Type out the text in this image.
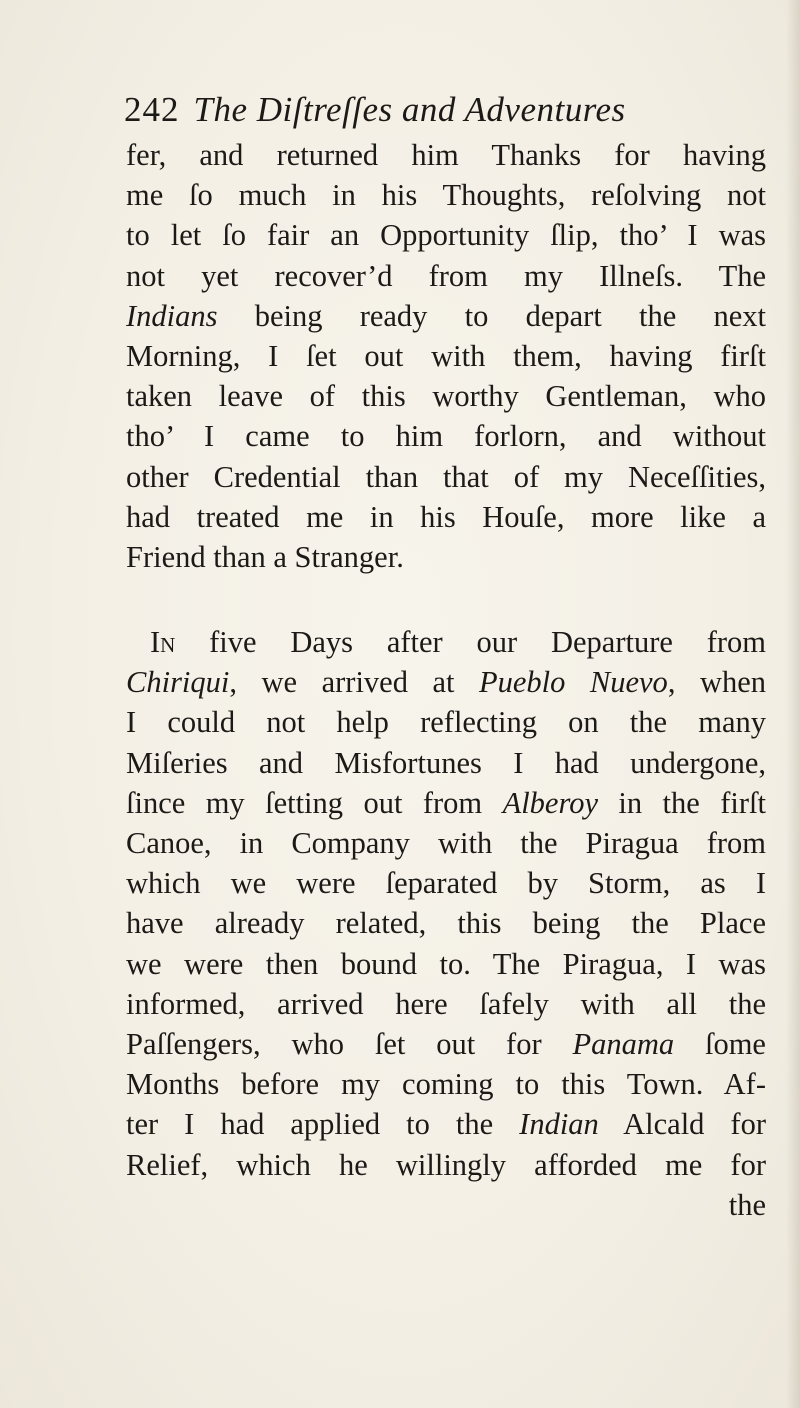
242 The Diſtreſſes and Adventures
fer, and returned him Thanks for having
me ſo much in his Thoughts, reſolving not
to let ſo fair an Opportunity ſlip, tho’ I was
not yet recover’d from my Illneſs. The
Indians being ready to depart the next
Morning, I ſet out with them, having firſt
taken leave of this worthy Gentleman, who
tho’ I came to him forlorn, and without
other Credential than that of my Neceſſities,
had treated me in his Houſe, more like a
Friend than a Stranger.
In five Days after our Departure from
Chiriqui, we arrived at Pueblo Nuevo, when
I could not help reflecting on the many
Miſeries and Misfortunes I had undergone,
ſince my ſetting out from Alberoy in the firſt
Canoe, in Company with the Piragua from
which we were ſeparated by Storm, as I
have already related, this being the Place
we were then bound to. The Piragua, I was
informed, arrived here ſafely with all the
Paſſengers, who ſet out for Panama ſome
Months before my coming to this Town. Af-
ter I had applied to the Indian Alcald for
Relief, which he willingly afforded me for
the
